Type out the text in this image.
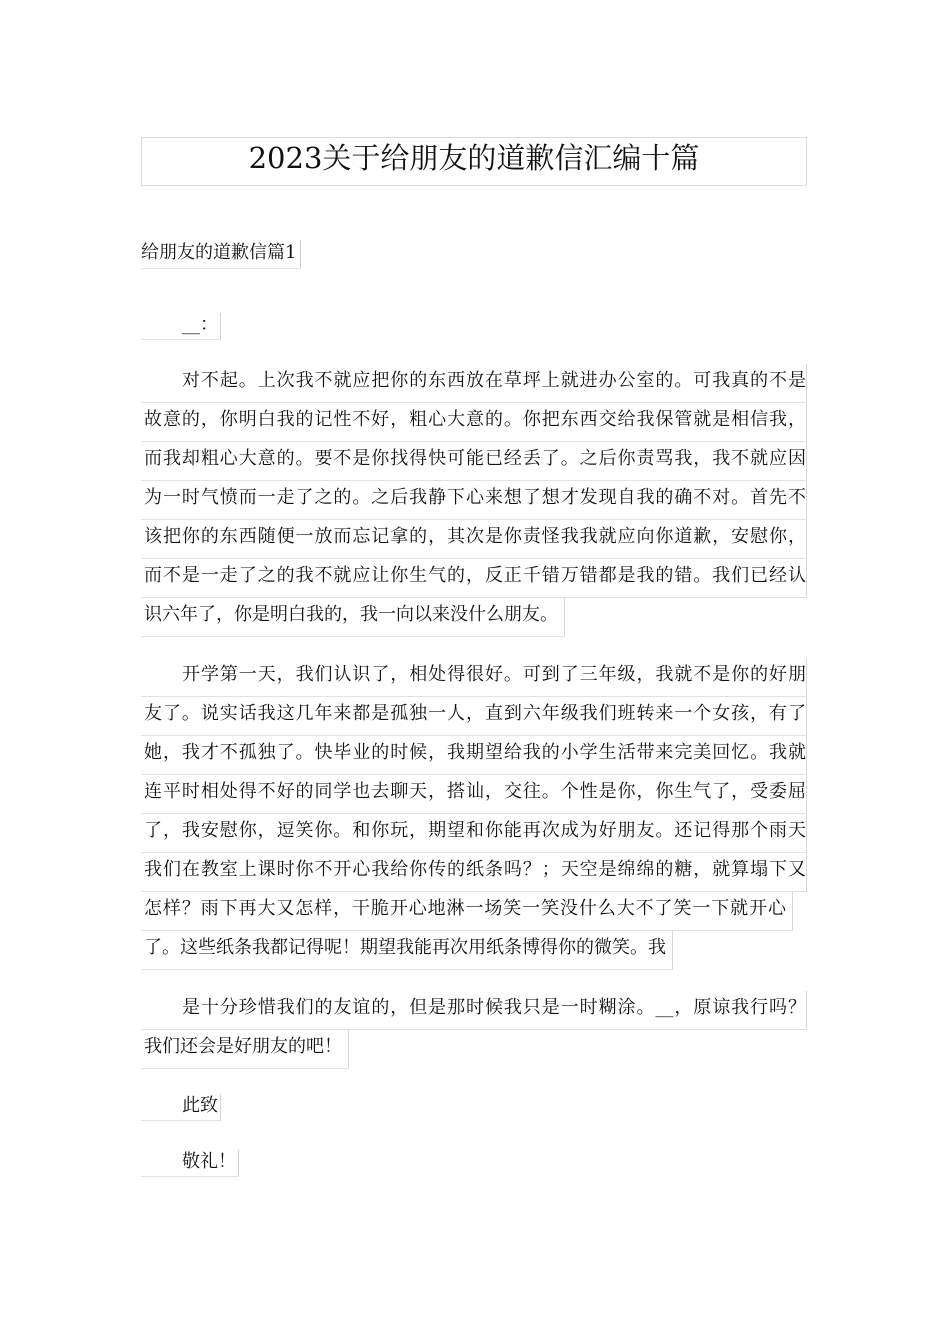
2023关于给朋友的道歉信汇编十篇
给朋友的道歉信篇1
__：
对不起。上次我不就应把你的东西放在草坪上就进办公室的。可我真的不是
故意的，你明白我的记性不好，粗心大意的。你把东西交给我保管就是相信我，
而我却粗心大意的。要不是你找得快可能已经丢了。之后你责骂我，我不就应因
为一时气愤而一走了之的。之后我静下心来想了想才发现自我的确不对。首先不
该把你的东西随便一放而忘记拿的，其次是你责怪我我就应向你道歉，安慰你，
而不是一走了之的我不就应让你生气的，反正千错万错都是我的错。我们已经认
识六年了，你是明白我的，我一向以来没什么朋友。
开学第一天，我们认识了，相处得很好。可到了三年级，我就不是你的好朋
友了。说实话我这几年来都是孤独一人，直到六年级我们班转来一个女孩，有了
她，我才不孤独了。快毕业的时候，我期望给我的小学生活带来完美回忆。我就
连平时相处得不好的同学也去聊天，搭讪，交往。个性是你，你生气了，受委屈
了，我安慰你，逗笑你。和你玩，期望和你能再次成为好朋友。还记得那个雨天
我们在教室上课时你不开心我给你传的纸条吗？；天空是绵绵的糖，就算塌下又
怎样？雨下再大又怎样，干脆开心地淋一场笑一笑没什么大不了笑一下就开心
了。这些纸条我都记得呢！期望我能再次用纸条博得你的微笑。我
是十分珍惜我们的友谊的，但是那时候我只是一时糊涂。__，原谅我行吗？
我们还会是好朋友的吧！
此致
敬礼！
